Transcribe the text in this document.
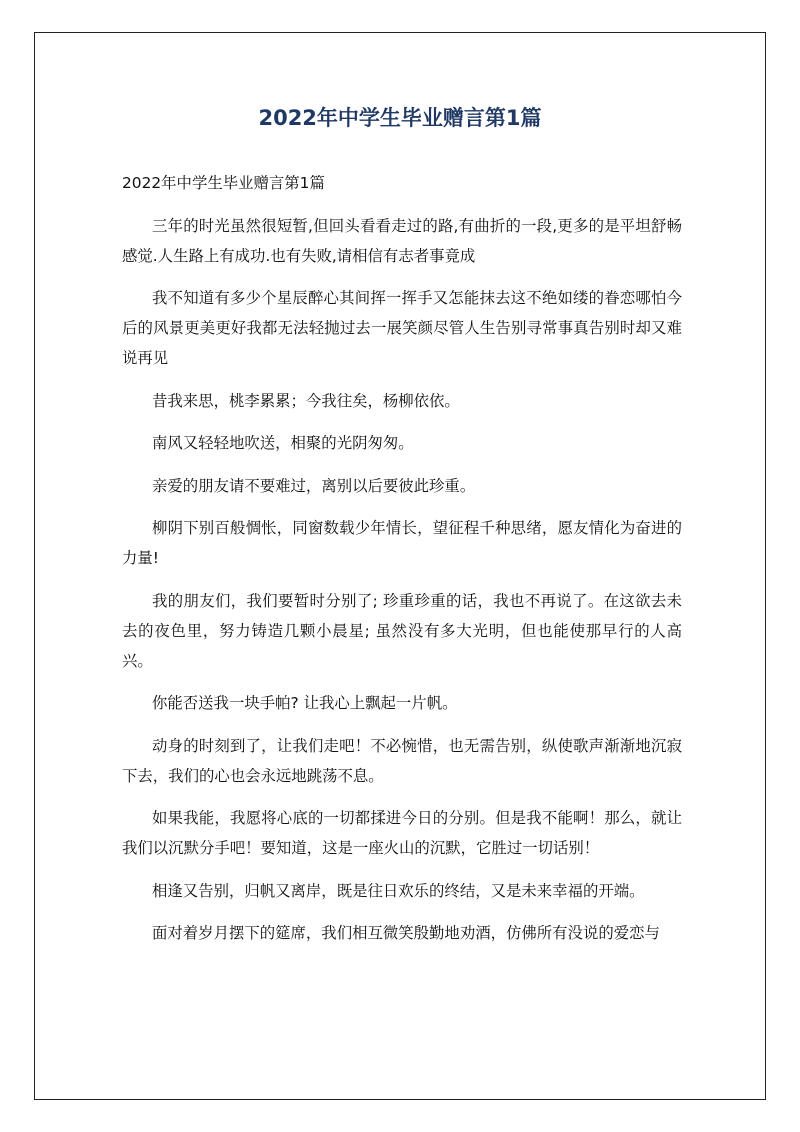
2022年中学生毕业赠言第1篇

2022年中学生毕业赠言第1篇

三年的时光虽然很短暂,但回头看看走过的路,有曲折的一段,更多的是平坦舒畅感觉.人生路上有成功.也有失败,请相信有志者事竟成

我不知道有多少个星辰醉心其间挥一挥手又怎能抹去这不绝如缕的眷恋哪怕今后的风景更美更好我都无法轻抛过去一展笑颜尽管人生告别寻常事真告别时却又难说再见

昔我来思，桃李累累；今我往矣，杨柳依依。

南风又轻轻地吹送，相聚的光阴匆匆。

亲爱的朋友请不要难过，离别以后要彼此珍重。

柳阴下别百般惆怅，同窗数载少年情长，望征程千种思绪，愿友情化为奋进的力量!

我的朋友们，我们要暂时分别了; 珍重珍重的话，我也不再说了。在这欲去未去的夜色里，努力铸造几颗小晨星; 虽然没有多大光明，但也能使那早行的人高兴。

你能否送我一块手帕? 让我心上飘起一片帆。

动身的时刻到了，让我们走吧！不必惋惜，也无需告别，纵使歌声渐渐地沉寂下去，我们的心也会永远地跳荡不息。

如果我能，我愿将心底的一切都揉进今日的分别。但是我不能啊！那么，就让我们以沉默分手吧！要知道，这是一座火山的沉默，它胜过一切话别！

相逢又告别，归帆又离岸，既是往日欢乐的终结，又是未来幸福的开端。

面对着岁月摆下的筵席，我们相互微笑殷勤地劝酒，仿佛所有没说的爱恋与
